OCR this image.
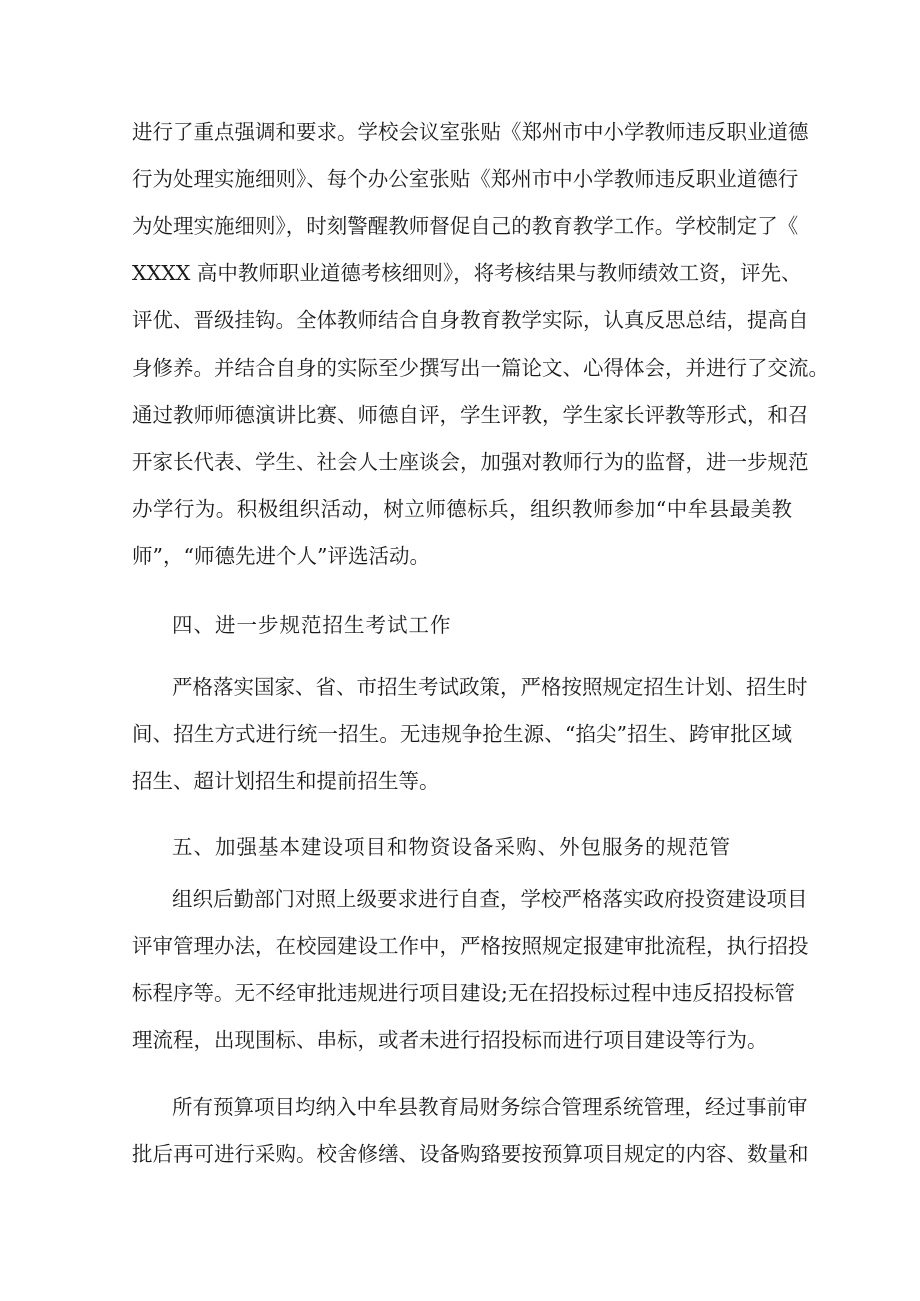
进行了重点强调和要求。学校会议室张贴《郑州市中小学教师违反职业道德
行为处理实施细则》、每个办公室张贴《郑州市中小学教师违反职业道德行
为处理实施细则》，时刻警醒教师督促自己的教育教学工作。学校制定了《
XXXX 高中教师职业道德考核细则》，将考核结果与教师绩效工资，评先、
评优、晋级挂钩。全体教师结合自身教育教学实际，认真反思总结，提高自
身修养。并结合自身的实际至少撰写出一篇论文、心得体会，并进行了交流。
通过教师师德演讲比赛、师德自评，学生评教，学生家长评教等形式，和召
开家长代表、学生、社会人士座谈会，加强对教师行为的监督，进一步规范
办学行为。积极组织活动，树立师德标兵，组织教师参加“中牟县最美教
师”，“师德先进个人”评选活动。
四、进一步规范招生考试工作
严格落实国家、省、市招生考试政策，严格按照规定招生计划、招生时
间、招生方式进行统一招生。无违规争抢生源、“掐尖”招生、跨审批区域
招生、超计划招生和提前招生等。
五、加强基本建设项目和物资设备采购、外包服务的规范管
组织后勤部门对照上级要求进行自查，学校严格落实政府投资建设项目
评审管理办法，在校园建设工作中，严格按照规定报建审批流程，执行招投
标程序等。无不经审批违规进行项目建设;无在招投标过程中违反招投标管
理流程，出现围标、串标，或者未进行招投标而进行项目建设等行为。
所有预算项目均纳入中牟县教育局财务综合管理系统管理，经过事前审
批后再可进行采购。校舍修缮、设备购臵要按预算项目规定的内容、数量和
